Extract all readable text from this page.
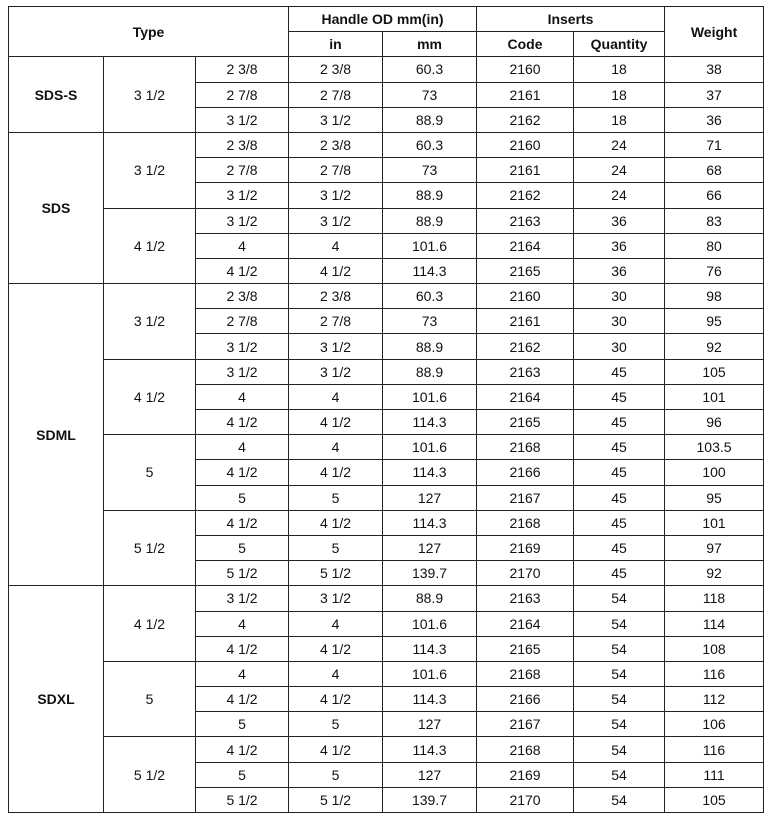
Type			Handle OD mm(in)		Inserts		Weight
			in	mm	Code	Quantity	
SDS-S	3 1/2	2 3/8	2 3/8	60.3	2160	18	38
		2 7/8	2 7/8	73	2161	18	37
		3 1/2	3 1/2	88.9	2162	18	36
SDS	3 1/2	2 3/8	2 3/8	60.3	2160	24	71
		2 7/8	2 7/8	73	2161	24	68
		3 1/2	3 1/2	88.9	2162	24	66
	4 1/2	3 1/2	3 1/2	88.9	2163	36	83
		4	4	101.6	2164	36	80
		4 1/2	4 1/2	114.3	2165	36	76
SDML	3 1/2	2 3/8	2 3/8	60.3	2160	30	98
		2 7/8	2 7/8	73	2161	30	95
		3 1/2	3 1/2	88.9	2162	30	92
	4 1/2	3 1/2	3 1/2	88.9	2163	45	105
		4	4	101.6	2164	45	101
		4 1/2	4 1/2	114.3	2165	45	96
	5	4	4	101.6	2168	45	103.5
		4 1/2	4 1/2	114.3	2166	45	100
		5	5	127	2167	45	95
	5 1/2	4 1/2	4 1/2	114.3	2168	45	101
		5	5	127	2169	45	97
		5 1/2	5 1/2	139.7	2170	45	92
SDXL	4 1/2	3 1/2	3 1/2	88.9	2163	54	118
		4	4	101.6	2164	54	114
		4 1/2	4 1/2	114.3	2165	54	108
	5	4	4	101.6	2168	54	116
		4 1/2	4 1/2	114.3	2166	54	112
		5	5	127	2167	54	106
	5 1/2	4 1/2	4 1/2	114.3	2168	54	116
		5	5	127	2169	54	111
		5 1/2	5 1/2	139.7	2170	54	105
